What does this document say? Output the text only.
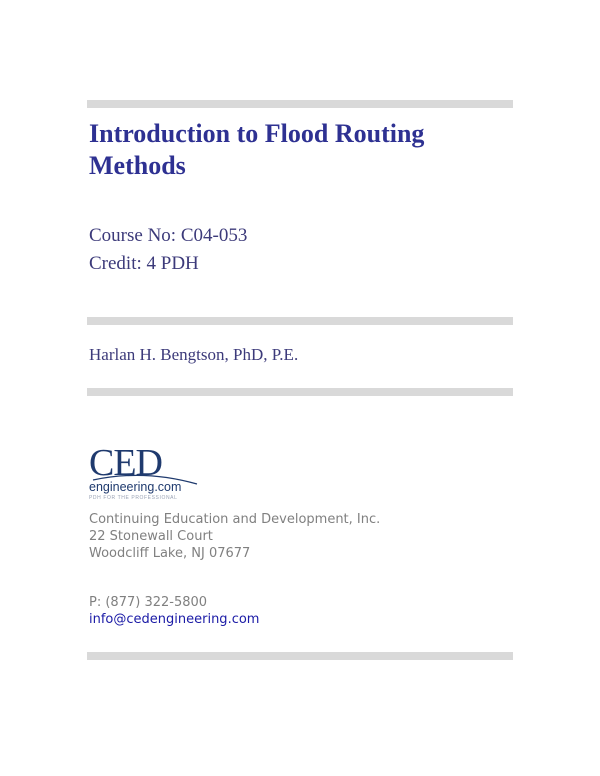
Introduction to Flood Routing Methods
Course No: C04-053
Credit: 4 PDH
Harlan H. Bengtson, PhD, P.E.
CED
engineering.com
PDH FOR THE PROFESSIONAL
Continuing Education and Development, Inc.
22 Stonewall Court
Woodcliff Lake, NJ 07677
P: (877) 322-5800
info@cedengineering.com
